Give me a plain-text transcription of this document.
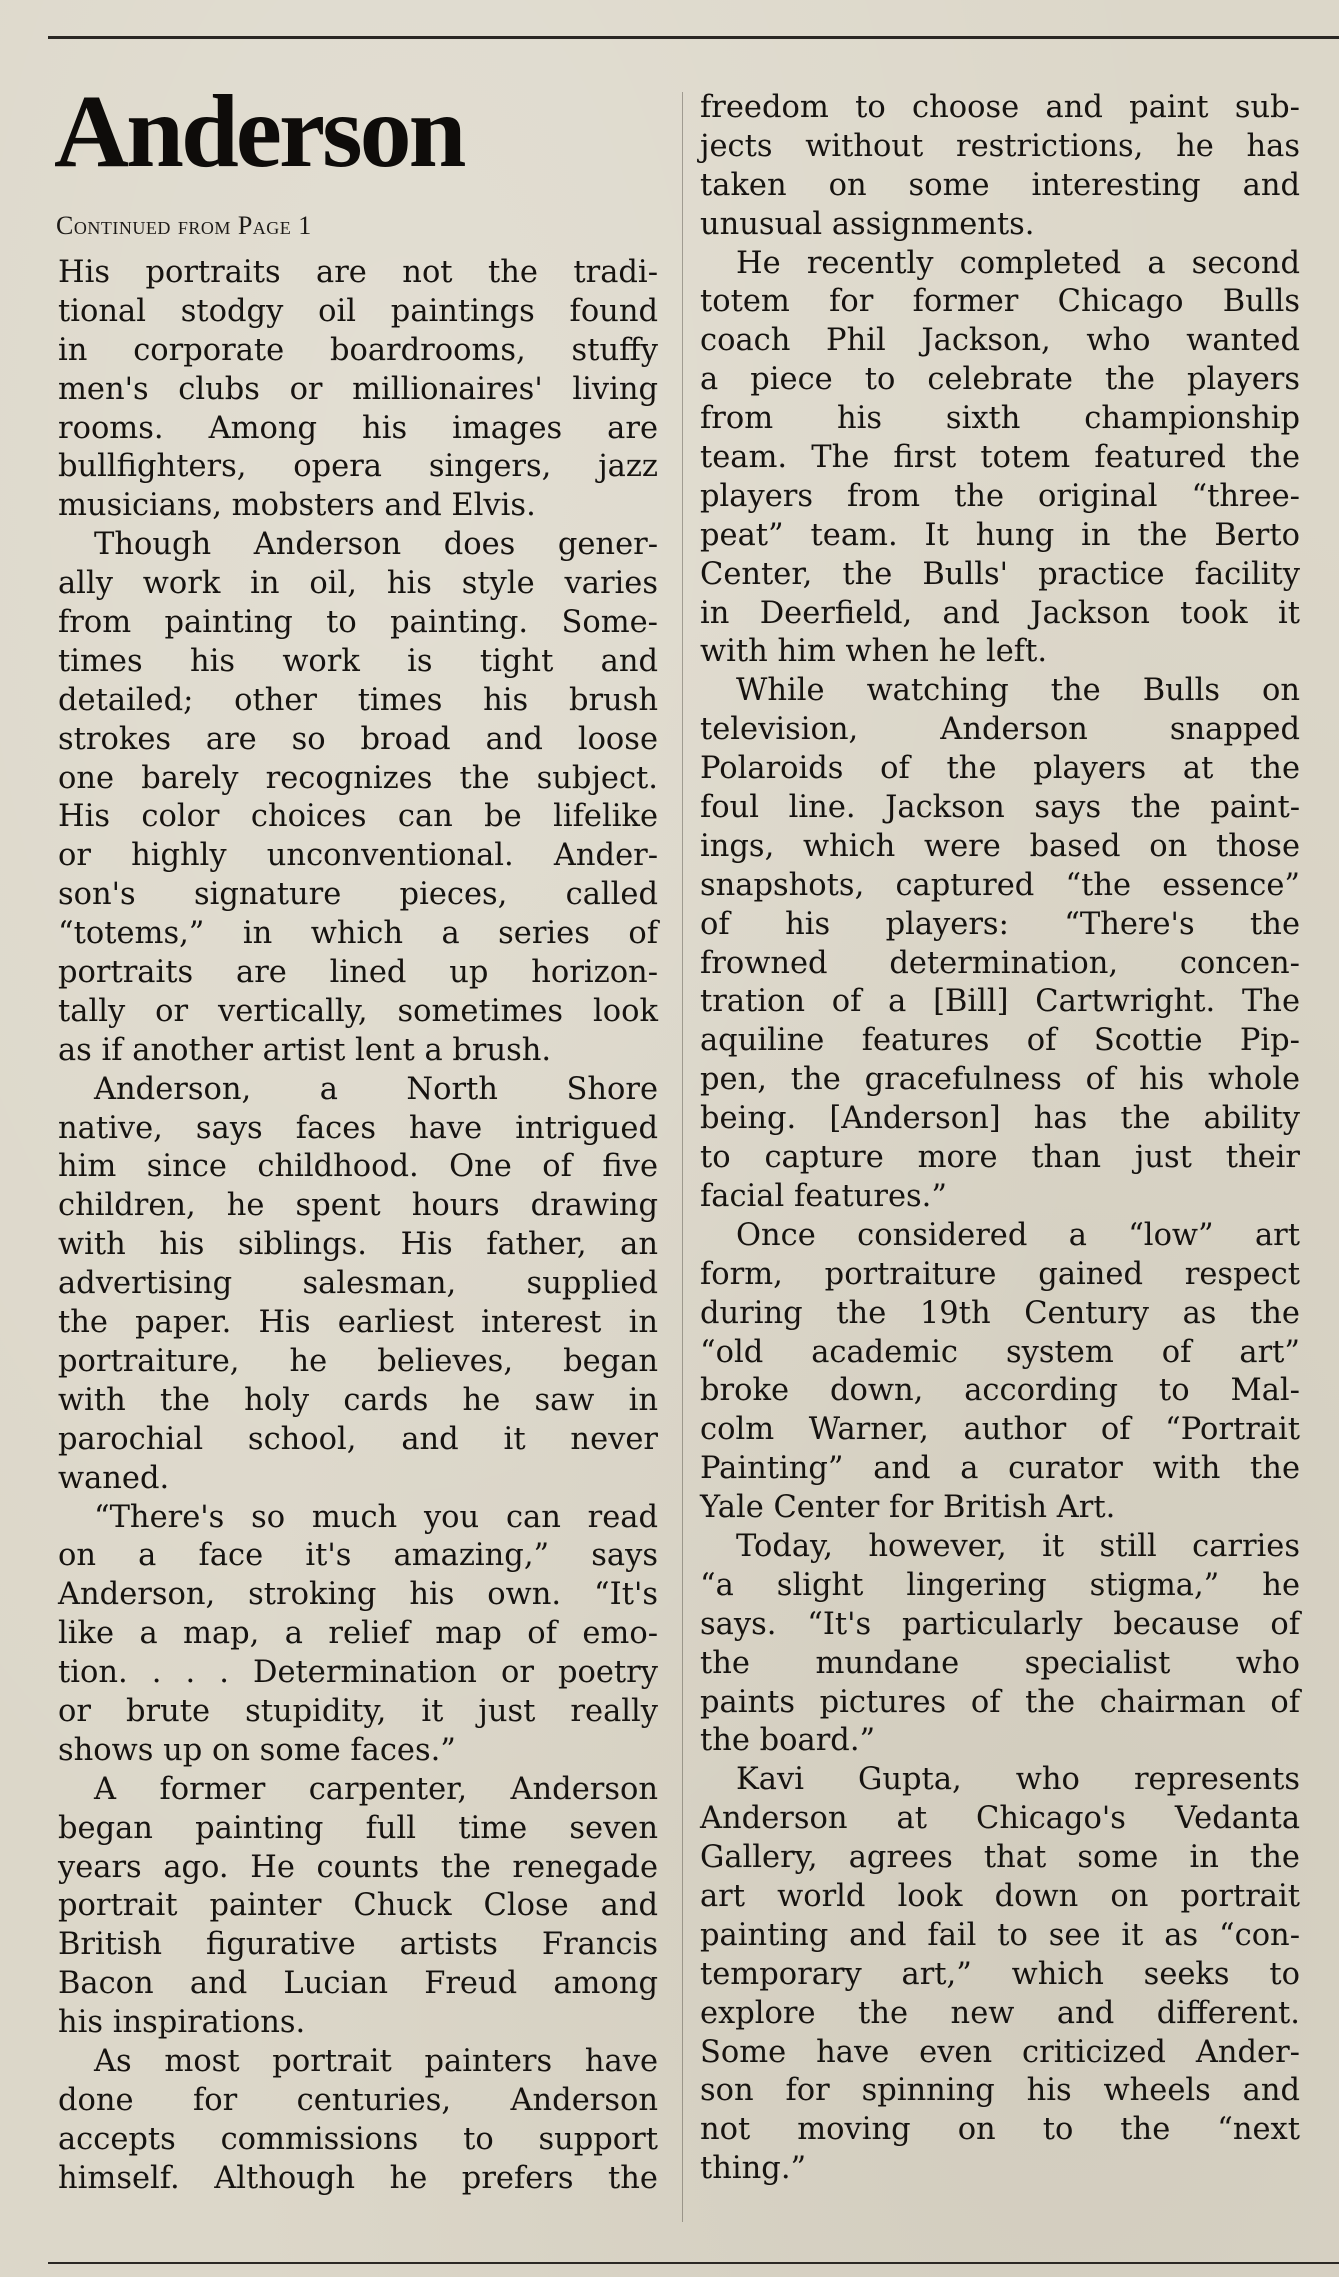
Anderson

Continued from Page 1

His portraits are not the tradi-
tional stodgy oil paintings found
in corporate boardrooms, stuffy
men's clubs or millionaires' living
rooms. Among his images are
bullfighters, opera singers, jazz
musicians, mobsters and Elvis.
Though Anderson does gener-
ally work in oil, his style varies
from painting to painting. Some-
times his work is tight and
detailed; other times his brush
strokes are so broad and loose
one barely recognizes the subject.
His color choices can be lifelike
or highly unconventional. Ander-
son's signature pieces, called
“totems,” in which a series of
portraits are lined up horizon-
tally or vertically, sometimes look
as if another artist lent a brush.
Anderson, a North Shore
native, says faces have intrigued
him since childhood. One of five
children, he spent hours drawing
with his siblings. His father, an
advertising salesman, supplied
the paper. His earliest interest in
portraiture, he believes, began
with the holy cards he saw in
parochial school, and it never
waned.
“There's so much you can read
on a face it's amazing,” says
Anderson, stroking his own. “It's
like a map, a relief map of emo-
tion. . . . Determination or poetry
or brute stupidity, it just really
shows up on some faces.”
A former carpenter, Anderson
began painting full time seven
years ago. He counts the renegade
portrait painter Chuck Close and
British figurative artists Francis
Bacon and Lucian Freud among
his inspirations.
As most portrait painters have
done for centuries, Anderson
accepts commissions to support
himself. Although he prefers the
freedom to choose and paint sub-
jects without restrictions, he has
taken on some interesting and
unusual assignments.
He recently completed a second
totem for former Chicago Bulls
coach Phil Jackson, who wanted
a piece to celebrate the players
from his sixth championship
team. The first totem featured the
players from the original “three-
peat” team. It hung in the Berto
Center, the Bulls' practice facility
in Deerfield, and Jackson took it
with him when he left.
While watching the Bulls on
television, Anderson snapped
Polaroids of the players at the
foul line. Jackson says the paint-
ings, which were based on those
snapshots, captured “the essence”
of his players: “There's the
frowned determination, concen-
tration of a [Bill] Cartwright. The
aquiline features of Scottie Pip-
pen, the gracefulness of his whole
being. [Anderson] has the ability
to capture more than just their
facial features.”
Once considered a “low” art
form, portraiture gained respect
during the 19th Century as the
“old academic system of art”
broke down, according to Mal-
colm Warner, author of “Portrait
Painting” and a curator with the
Yale Center for British Art.
Today, however, it still carries
“a slight lingering stigma,” he
says. “It's particularly because of
the mundane specialist who
paints pictures of the chairman of
the board.”
Kavi Gupta, who represents
Anderson at Chicago's Vedanta
Gallery, agrees that some in the
art world look down on portrait
painting and fail to see it as “con-
temporary art,” which seeks to
explore the new and different.
Some have even criticized Ander-
son for spinning his wheels and
not moving on to the “next
thing.”
